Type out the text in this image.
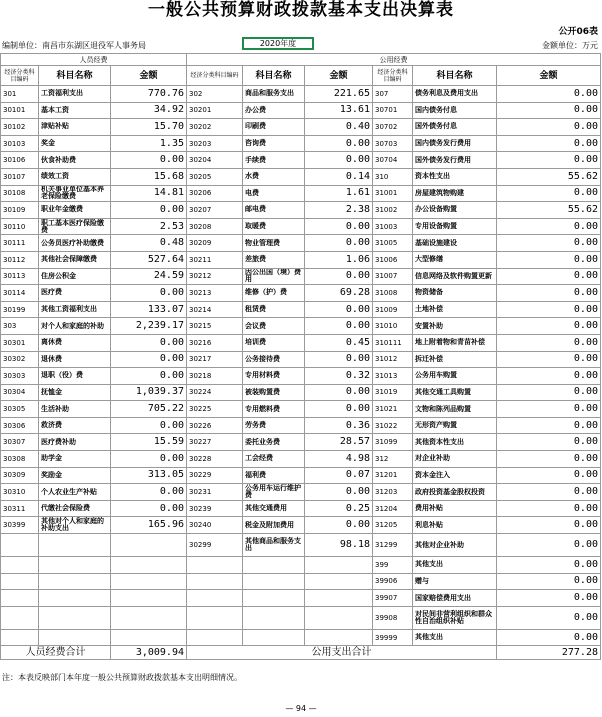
一般公共预算财政拨款基本支出决算表
公开06表
编制单位：南昌市东湖区退役军人事务局	2020年度	金额单位：万元
人员经费			公用经费					
经济分类科目编码	科目名称	金额	经济分类科目编码	科目名称	金额	经济分类科目编码	科目名称	金额
301	工资福利支出	770.76	302	商品和服务支出	221.65	307	债务利息及费用支出	0.00
30101	基本工资	34.92	30201	办公费	13.61	30701	国内债务付息	0.00
30102	津贴补贴	15.70	30202	印刷费	0.40	30702	国外债务付息	0.00
30103	奖金	1.35	30203	咨询费	0.00	30703	国内债务发行费用	0.00
30106	伙食补助费	0.00	30204	手续费	0.00	30704	国外债务发行费用	0.00
30107	绩效工资	15.68	30205	水费	0.14	310	资本性支出	55.62
30108	机关事业单位基本养老保险缴费	14.81	30206	电费	1.61	31001	房屋建筑物购建	0.00
30109	职业年金缴费	0.00	30207	邮电费	2.38	31002	办公设备购置	55.62
30110	职工基本医疗保险缴费	2.53	30208	取暖费	0.00	31003	专用设备购置	0.00
30111	公务员医疗补助缴费	0.48	30209	物业管理费	0.00	31005	基础设施建设	0.00
30112	其他社会保障缴费	527.64	30211	差旅费	1.06	31006	大型修缮	0.00
30113	住房公积金	24.59	30212	因公出国（境）费用	0.00	31007	信息网络及软件购置更新	0.00
30114	医疗费	0.00	30213	维修（护）费	69.28	31008	物资储备	0.00
30199	其他工资福利支出	133.07	30214	租赁费	0.00	31009	土地补偿	0.00
303	对个人和家庭的补助	2,239.17	30215	会议费	0.00	31010	安置补助	0.00
30301	离休费	0.00	30216	培训费	0.45	310111	地上附着物和青苗补偿	0.00
30302	退休费	0.00	30217	公务接待费	0.00	31012	拆迁补偿	0.00
30303	退职（役）费	0.00	30218	专用材料费	0.32	31013	公务用车购置	0.00
30304	抚恤金	1,039.37	30224	被装购置费	0.00	31019	其他交通工具购置	0.00
30305	生活补助	705.22	30225	专用燃料费	0.00	31021	文物和陈列品购置	0.00
30306	救济费	0.00	30226	劳务费	0.36	31022	无形资产购置	0.00
30307	医疗费补助	15.59	30227	委托业务费	28.57	31099	其他资本性支出	0.00
30308	助学金	0.00	30228	工会经费	4.98	312	对企业补助	0.00
30309	奖励金	313.05	30229	福利费	0.07	31201	资本金注入	0.00
30310	个人农业生产补贴	0.00	30231	公务用车运行维护费	0.00	31203	政府投资基金股权投资	0.00
30311	代缴社会保险费	0.00	30239	其他交通费用	0.25	31204	费用补贴	0.00
30399	其他对个人和家庭的补助支出	165.96	30240	税金及附加费用	0.00	31205	利息补贴	0.00
			30299	其他商品和服务支出	98.18	31299	其他对企业补助	0.00
						399	其他支出	0.00
						39906	赠与	0.00
						39907	国家赔偿费用支出	0.00
						39908	对民间非营利组织和群众性自治组织补贴	0.00
						39999	其他支出	0.00
人员经费合计		3,009.94	公用支出合计					277.28
注：本表反映部门本年度一般公共预算财政拨款基本支出明细情况。
— 94 —
